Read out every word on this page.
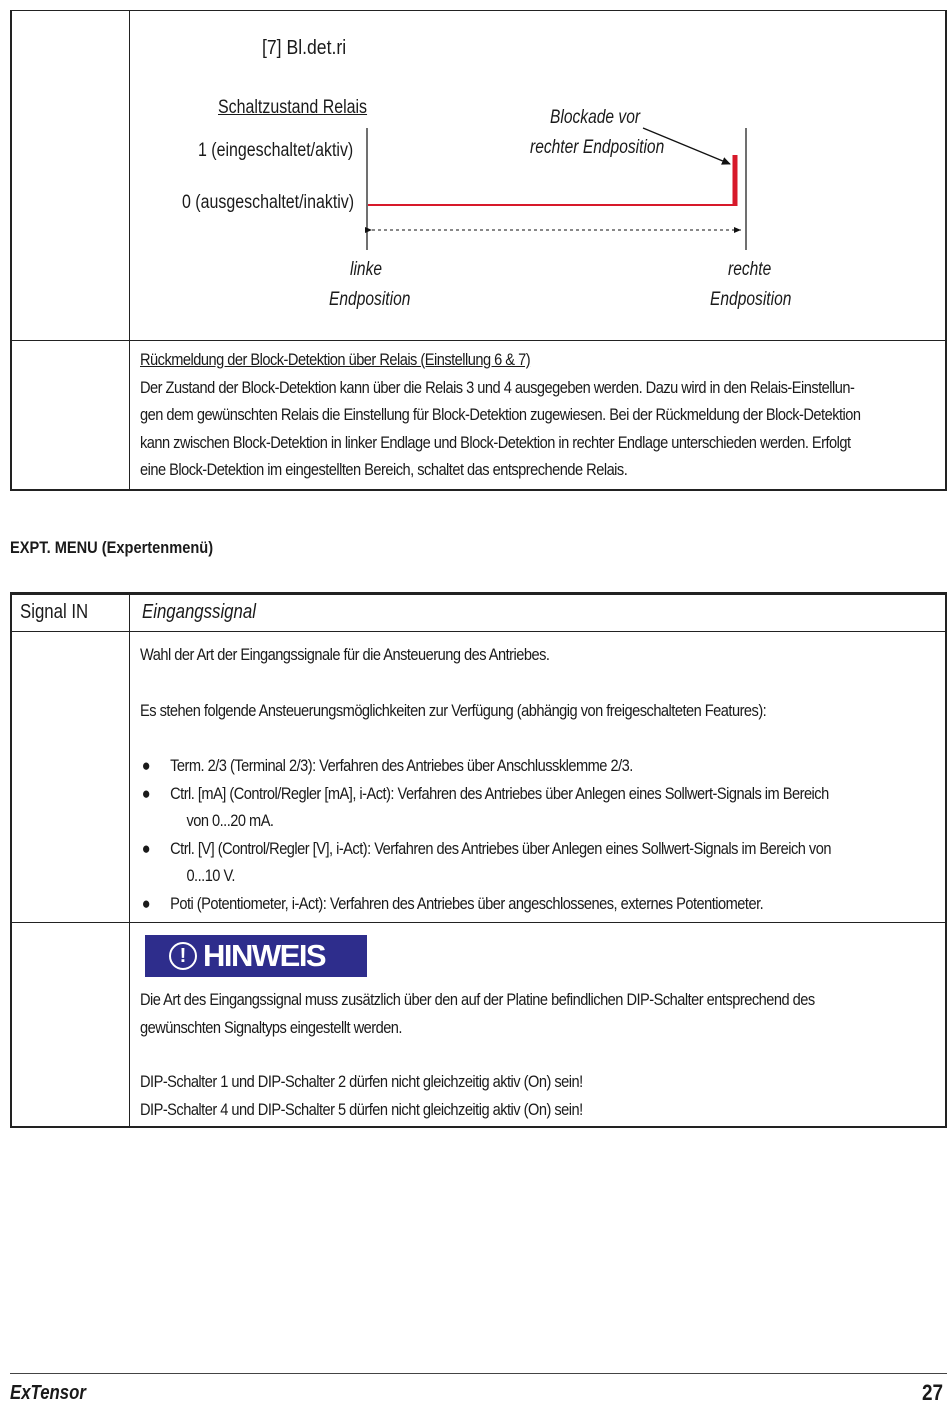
[7] Bl.det.ri
Schaltzustand Relais
1 (eingeschaltet/aktiv)
0 (ausgeschaltet/inaktiv)
Blockade vor
rechter Endposition
linke
Endposition
rechte
Endposition
Rückmeldung der Block-Detektion über Relais (Einstellung 6 & 7)
Der Zustand der Block-Detektion kann über die Relais 3 und 4 ausgegeben werden. Dazu wird in den Relais-Einstellun-
gen dem gewünschten Relais die Einstellung für Block-Detektion zugewiesen. Bei der Rückmeldung der Block-Detektion
kann zwischen Block-Detektion in linker Endlage und Block-Detektion in rechter Endlage unterschieden werden. Erfolgt
eine Block-Detektion im eingestellten Bereich, schaltet das entsprechende Relais.
EXPT. MENU (Expertenmenü)
Signal IN	Eingangssignal
Wahl der Art der Eingangssignale für die Ansteuerung des Antriebes.
Es stehen folgende Ansteuerungsmöglichkeiten zur Verfügung (abhängig von freigeschalteten Features):
● Term. 2/3 (Terminal 2/3): Verfahren des Antriebes über Anschlussklemme 2/3.
● Ctrl. [mA] (Control/Regler [mA], i-Act): Verfahren des Antriebes über Anlegen eines Sollwert-Signals im Bereich
von 0...20 mA.
● Ctrl. [V] (Control/Regler [V], i-Act): Verfahren des Antriebes über Anlegen eines Sollwert-Signals im Bereich von
0...10 V.
● Poti (Potentiometer, i-Act): Verfahren des Antriebes über angeschlossenes, externes Potentiometer.
! HINWEIS
Die Art des Eingangssignal muss zusätzlich über den auf der Platine befindlichen DIP-Schalter entsprechend des
gewünschten Signaltyps eingestellt werden.
DIP-Schalter 1 und DIP-Schalter 2 dürfen nicht gleichzeitig aktiv (On) sein!
DIP-Schalter 4 und DIP-Schalter 5 dürfen nicht gleichzeitig aktiv (On) sein!
ExTensor	27
